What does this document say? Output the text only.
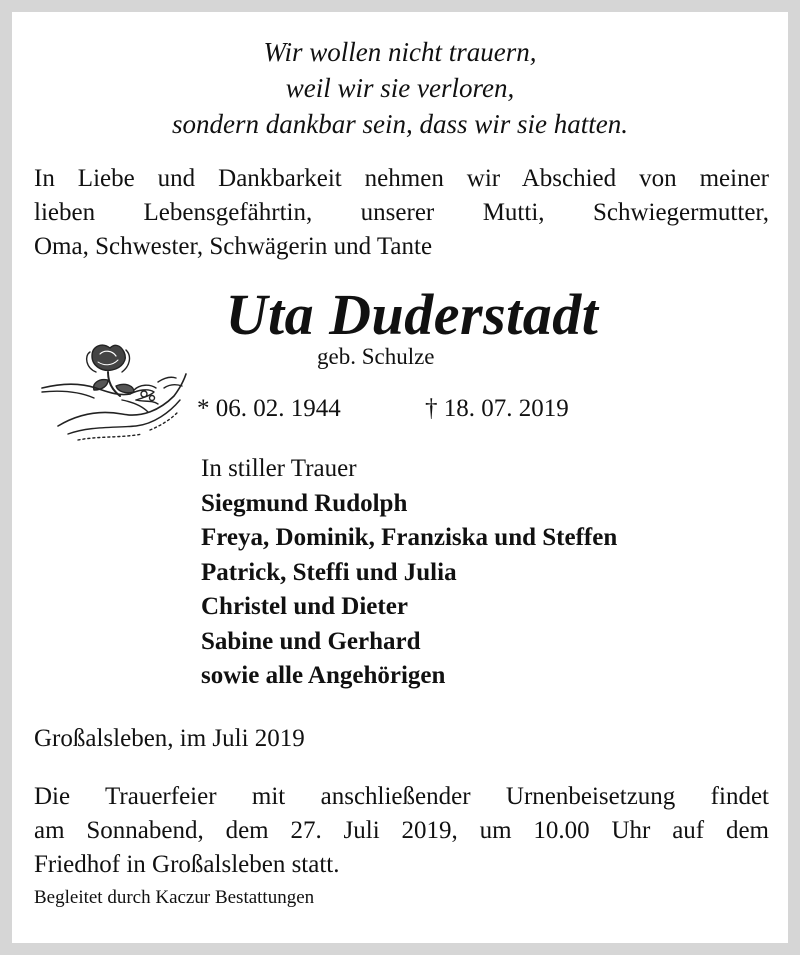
Wir wollen nicht trauern,
weil wir sie verloren,
sondern dankbar sein, dass wir sie hatten.
In Liebe und Dankbarkeit nehmen wir Abschied von meiner
lieben Lebensgefährtin, unserer Mutti, Schwiegermutter,
Oma, Schwester, Schwägerin und Tante
Uta Duderstadt
geb. Schulze
* 06. 02. 1944	† 18. 07. 2019
In stiller Trauer
Siegmund Rudolph
Freya, Dominik, Franziska und Steffen
Patrick, Steffi und Julia
Christel und Dieter
Sabine und Gerhard
sowie alle Angehörigen
Großalsleben, im Juli 2019
Die Trauerfeier mit anschließender Urnenbeisetzung findet
am Sonnabend, dem 27. Juli 2019, um 10.00 Uhr auf dem
Friedhof in Großalsleben statt.
Begleitet durch Kaczur Bestattungen
